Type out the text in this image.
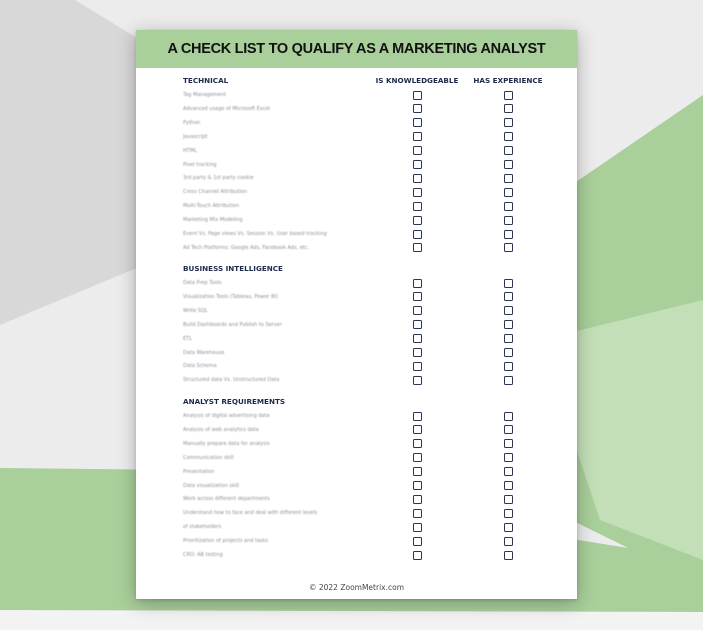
A CHECK LIST TO QUALIFY AS A MARKETING ANALYST
IS KNOWLEDGEABLE	HAS EXPERIENCE
TECHNICAL
Tag Management
Advanced usage of Microsoft Excel
Python
Javascript
HTML
Pixel tracking
3rd party & 1st party cookie
Cross Channel Attribution
Multi-Touch Attribution
Marketing Mix Modeling
Event Vs. Page views Vs. Session Vs. User based tracking
Ad Tech Platforms: Google Ads, Facebook Ads, etc.
BUSINESS INTELLIGENCE
Data Prep Tools
Visualization Tools (Tableau, Power BI)
Write SQL
Build Dashboards and Publish to Server
ETL
Data Warehouse
Data Schema
Structured data Vs. Unstructured Data
ANALYST REQUIREMENTS
Analysis of digital advertising data
Analysis of web analytics data
Manually prepare data for analysis
Communication skill
Presentation
Data visualization skill
Work across different departments
Understand how to face and deal with different levels
of stakeholders
Prioritization of projects and tasks
CRO: AB testing
© 2022 ZoomMetrix.com
